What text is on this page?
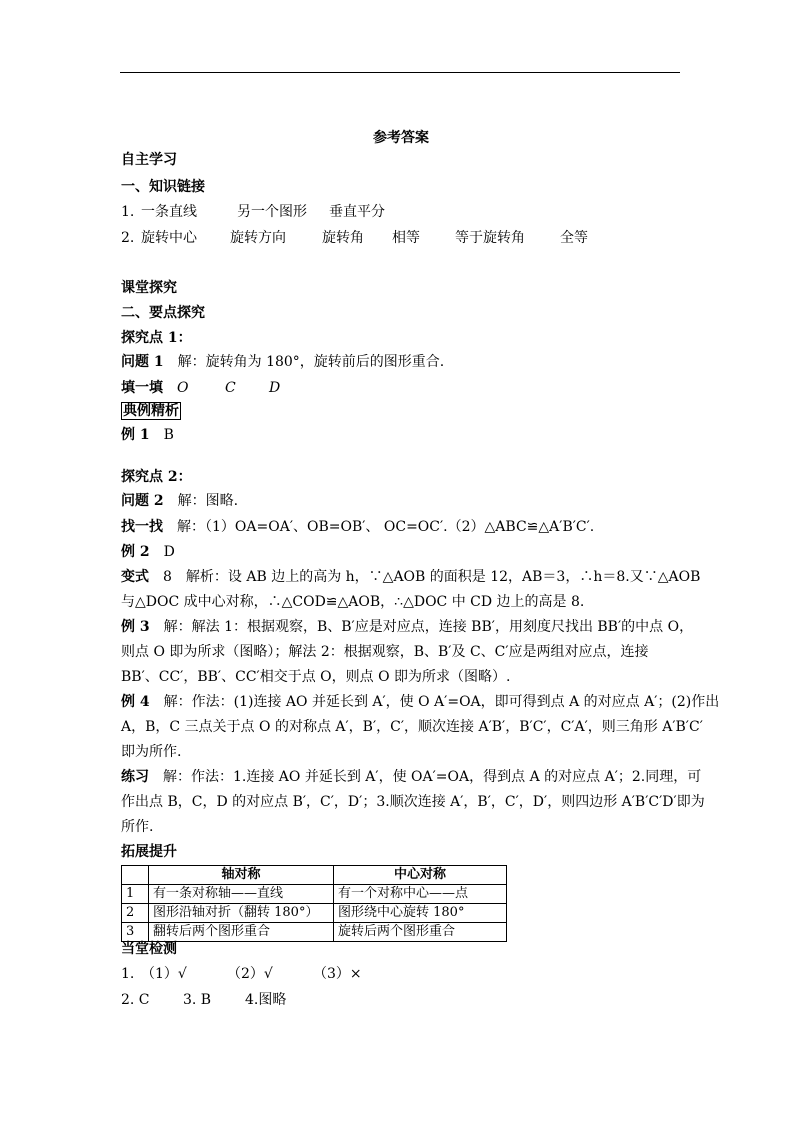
参考答案
自主学习
一、知识链接
1. 一条直线	另一个图形 垂直平分
2. 旋转中心 旋转方向	旋转角 相等	等于旋转角	全等
课堂探究
二、要点探究
探究点 1：
问题 1　 解：旋转角为 180°，旋转前后的图形重合.
填一填 O	C D
典例精析
例 1　 B
探究点 2：
问题 2　 解：图略.
找一找　 解：（1）OA=OA′、OB=OB′、 OC=OC′.（2）△ABC≌△A′B′C′.
例 2　 D
变式　 8　解析：设 AB 边上的高为 h，∵△AOB 的面积是 12，AB＝3，∴h＝8.又∵△AOB
与△DOC 成中心对称，∴△COD≌△AOB，∴△DOC 中 CD 边上的高是 8.
例 3　 解：解法 1：根据观察，B、B′应是对应点，连接 BB′，用刻度尺找出 BB′的中点 O，
则点 O 即为所求（图略）；解法 2：根据观察，B、B′及 C、C′应是两组对应点，连接
BB′、CC′，BB′、CC′相交于点 O，则点 O 即为所求（图略）.
例 4　 解：作法：(1)连接 AO 并延长到 A′，使 O A′=OA，即可得到点 A 的对应点 A′；(2)作出
A，B，C 三点关于点 O 的对称点 A′，B′，C′，顺次连接 A′B′，B′C′，C′A′，则三角形 A′B′C′
即为所作.
练习　 解：作法：1.连接 AO 并延长到 A′，使 OA′=OA，得到点 A 的对应点 A′；2.同理，可
作出点 B，C，D 的对应点 B′，C′，D′；3.顺次连接 A′，B′，C′，D′，则四边形 A′B′C′D′即为
所作.
拓展提升
	轴对称	中心对称
1	有一条对称轴——直线	有一个对称中心——点
2	图形沿轴对折（翻转 180°）	图形绕中心旋转 180°
3	翻转后两个图形重合	旋转后两个图形重合
当堂检测
1. （1）√	（2）√	（3）×
2. C 3. B 4.图略
